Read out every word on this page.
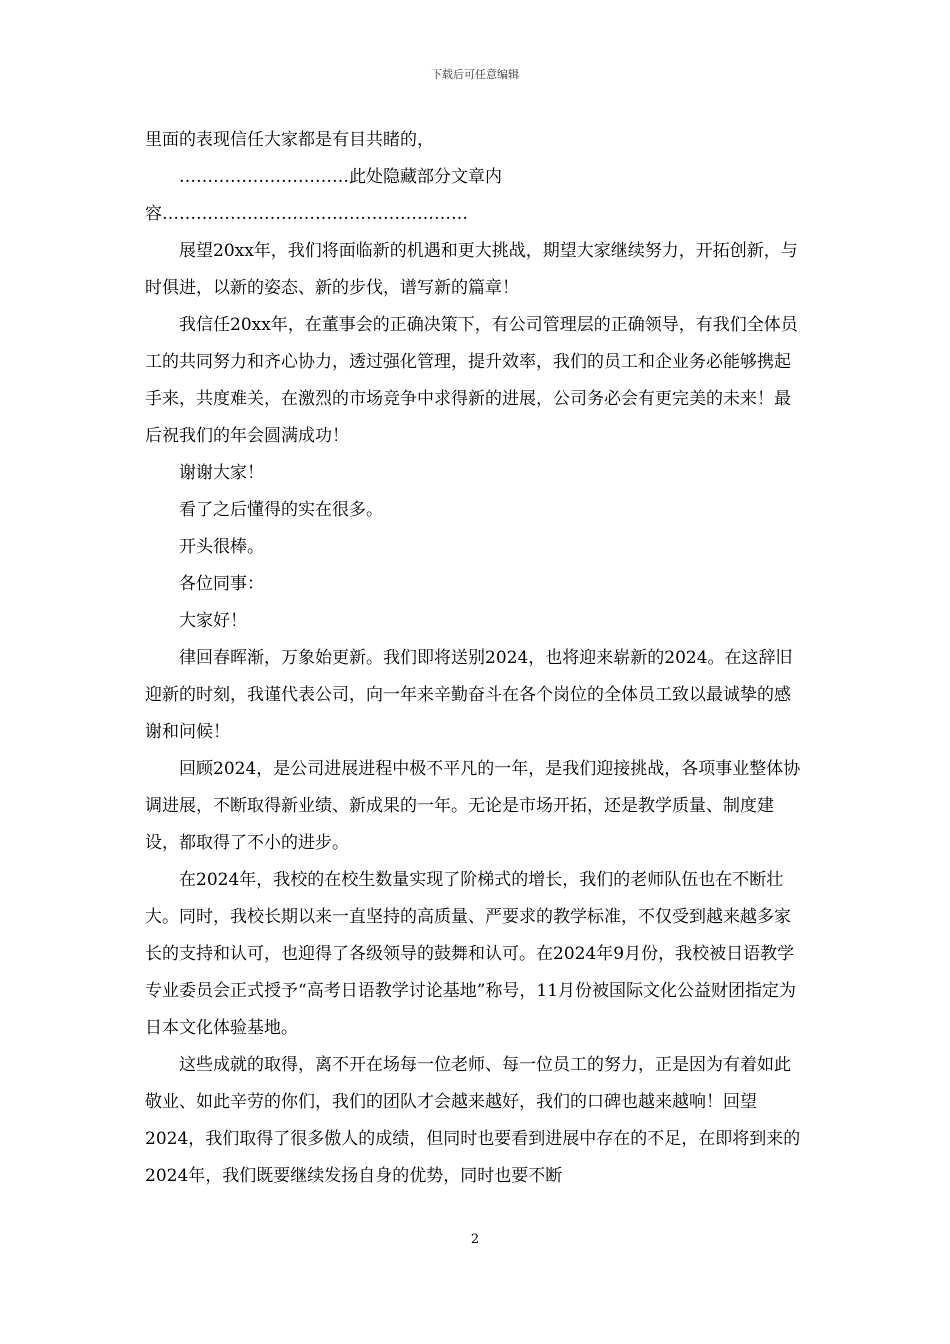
下载后可任意编辑

里面的表现信任大家都是有目共睹的，

…………………………此处隐藏部分文章内容………………………………………………

展望20xx年，我们将面临新的机遇和更大挑战，期望大家继续努力，开拓创新，与时俱进，以新的姿态、新的步伐，谱写新的篇章！

我信任20xx年，在董事会的正确决策下，有公司管理层的正确领导，有我们全体员工的共同努力和齐心协力，透过强化管理，提升效率，我们的员工和企业务必能够携起手来，共度难关，在激烈的市场竞争中求得新的进展，公司务必会有更完美的未来！最后祝我们的年会圆满成功！

谢谢大家！

看了之后懂得的实在很多。

开头很棒。

各位同事：

大家好！

律回春晖渐，万象始更新。我们即将送别2024，也将迎来崭新的2024。在这辞旧迎新的时刻，我谨代表公司，向一年来辛勤奋斗在各个岗位的全体员工致以最诚挚的感谢和问候！

回顾2024，是公司进展进程中极不平凡的一年，是我们迎接挑战，各项事业整体协调进展，不断取得新业绩、新成果的一年。无论是市场开拓，还是教学质量、制度建设，都取得了不小的进步。

在2024年，我校的在校生数量实现了阶梯式的增长，我们的老师队伍也在不断壮大。同时，我校长期以来一直坚持的高质量、严要求的教学标准，不仅受到越来越多家长的支持和认可，也迎得了各级领导的鼓舞和认可。在2024年9月份，我校被日语教学专业委员会正式授予“高考日语教学讨论基地”称号，11月份被国际文化公益财团指定为日本文化体验基地。

这些成就的取得，离不开在场每一位老师、每一位员工的努力，正是因为有着如此敬业、如此辛劳的你们，我们的团队才会越来越好，我们的口碑也越来越响！回望2024，我们取得了很多傲人的成绩，但同时也要看到进展中存在的不足，在即将到来的2024年，我们既要继续发扬自身的优势，同时也要不断

2
